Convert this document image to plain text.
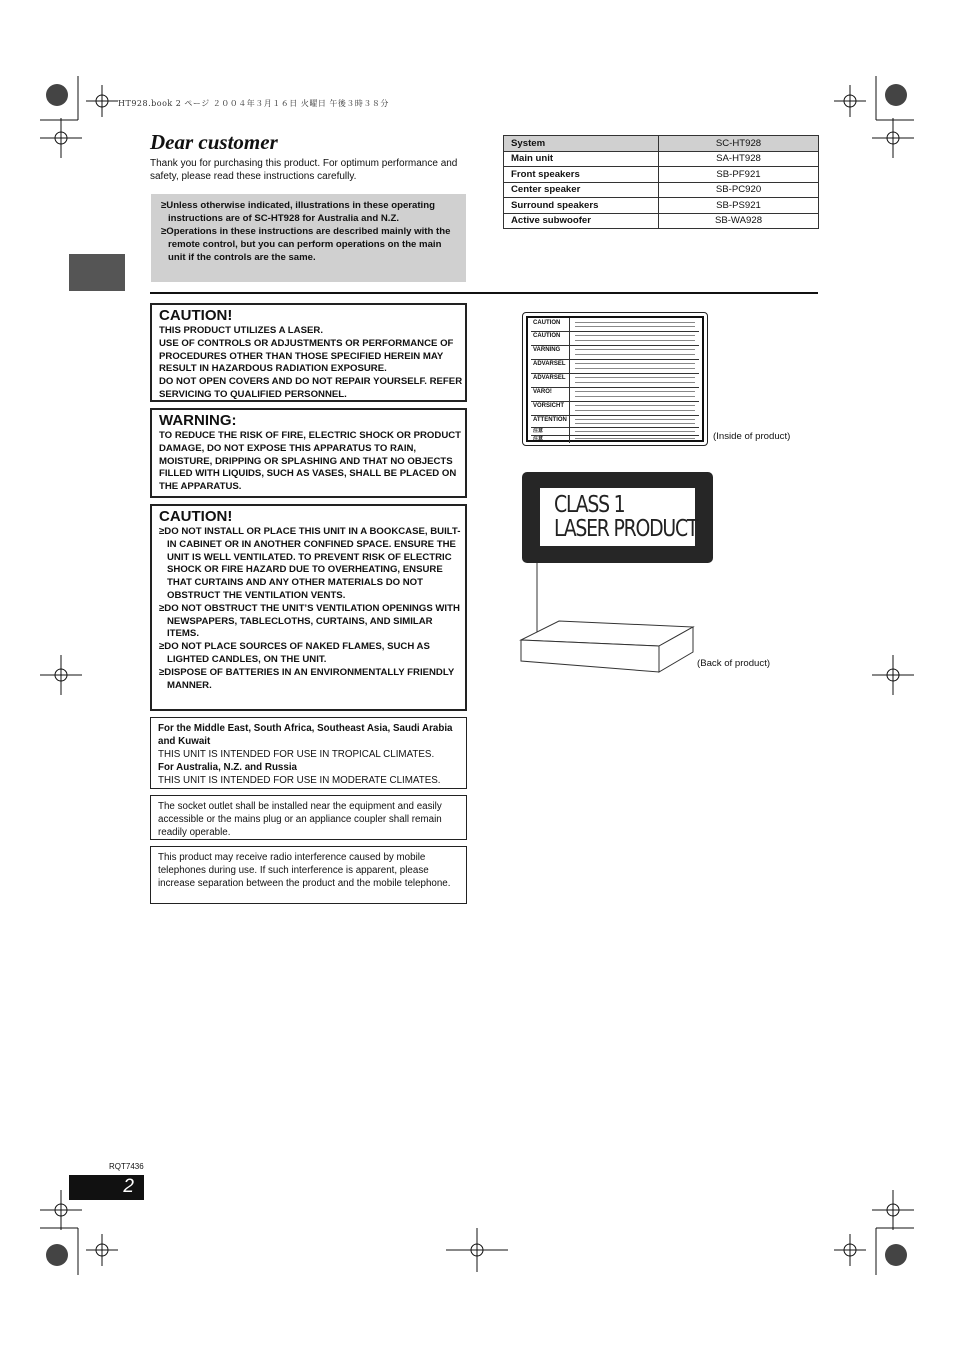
HT928.book 2 ページ ２００４年３月１６日 火曜日 午後３時３８分
Dear customer
Thank you for purchasing this product. For optimum performance and safety, please read these instructions carefully.
≥Unless otherwise indicated, illustrations in these operating instructions are of SC-HT928 for Australia and N.Z.
≥Operations in these instructions are described mainly with the remote control, but you can perform operations on the main unit if the controls are the same.
System	SC-HT928
Main unit	SA-HT928
Front speakers	SB-PF921
Center speaker	SB-PC920
Surround speakers	SB-PS921
Active subwoofer	SB-WA928
CAUTION!

THIS PRODUCT UTILIZES A LASER.

USE OF CONTROLS OR ADJUSTMENTS OR PERFORMANCE OF PROCEDURES OTHER THAN THOSE SPECIFIED HEREIN MAY RESULT IN HAZARDOUS RADIATION EXPOSURE.

DO NOT OPEN COVERS AND DO NOT REPAIR YOURSELF. REFER SERVICING TO QUALIFIED PERSONNEL.

WARNING:

TO REDUCE THE RISK OF FIRE, ELECTRIC SHOCK OR PRODUCT DAMAGE, DO NOT EXPOSE THIS APPARATUS TO RAIN, MOISTURE, DRIPPING OR SPLASHING AND THAT NO OBJECTS FILLED WITH LIQUIDS, SUCH AS VASES, SHALL BE PLACED ON THE APPARATUS.

CAUTION!

≥DO NOT INSTALL OR PLACE THIS UNIT IN A BOOKCASE, BUILT-IN CABINET OR IN ANOTHER CONFINED SPACE. ENSURE THE UNIT IS WELL VENTILATED. TO PREVENT RISK OF ELECTRIC SHOCK OR FIRE HAZARD DUE TO OVERHEATING, ENSURE THAT CURTAINS AND ANY OTHER MATERIALS DO NOT OBSTRUCT THE VENTILATION VENTS.

≥DO NOT OBSTRUCT THE UNIT’S VENTILATION OPENINGS WITH NEWSPAPERS, TABLECLOTHS, CURTAINS, AND SIMILAR ITEMS.

≥DO NOT PLACE SOURCES OF NAKED FLAMES, SUCH AS LIGHTED CANDLES, ON THE UNIT.

≥DISPOSE OF BATTERIES IN AN ENVIRONMENTALLY FRIENDLY MANNER.

For the Middle East, South Africa, Southeast Asia, Saudi Arabia and Kuwait

THIS UNIT IS INTENDED FOR USE IN TROPICAL CLIMATES.

For Australia, N.Z. and Russia

THIS UNIT IS INTENDED FOR USE IN MODERATE CLIMATES.

The socket outlet shall be installed near the equipment and easily accessible or the mains plug or an appliance coupler shall remain readily operable.

This product may receive radio interference caused by mobile telephones during use. If such interference is apparent, please increase separation between the product and the mobile telephone.

CAUTION
CAUTION
VARNING
ADVARSEL
ADVARSEL
VARO!
VORSICHT
ATTENTION
注意
注意	(Inside of product)
CLASS 1
LASER PRODUCT
(Back of product)
RQT7436
2
